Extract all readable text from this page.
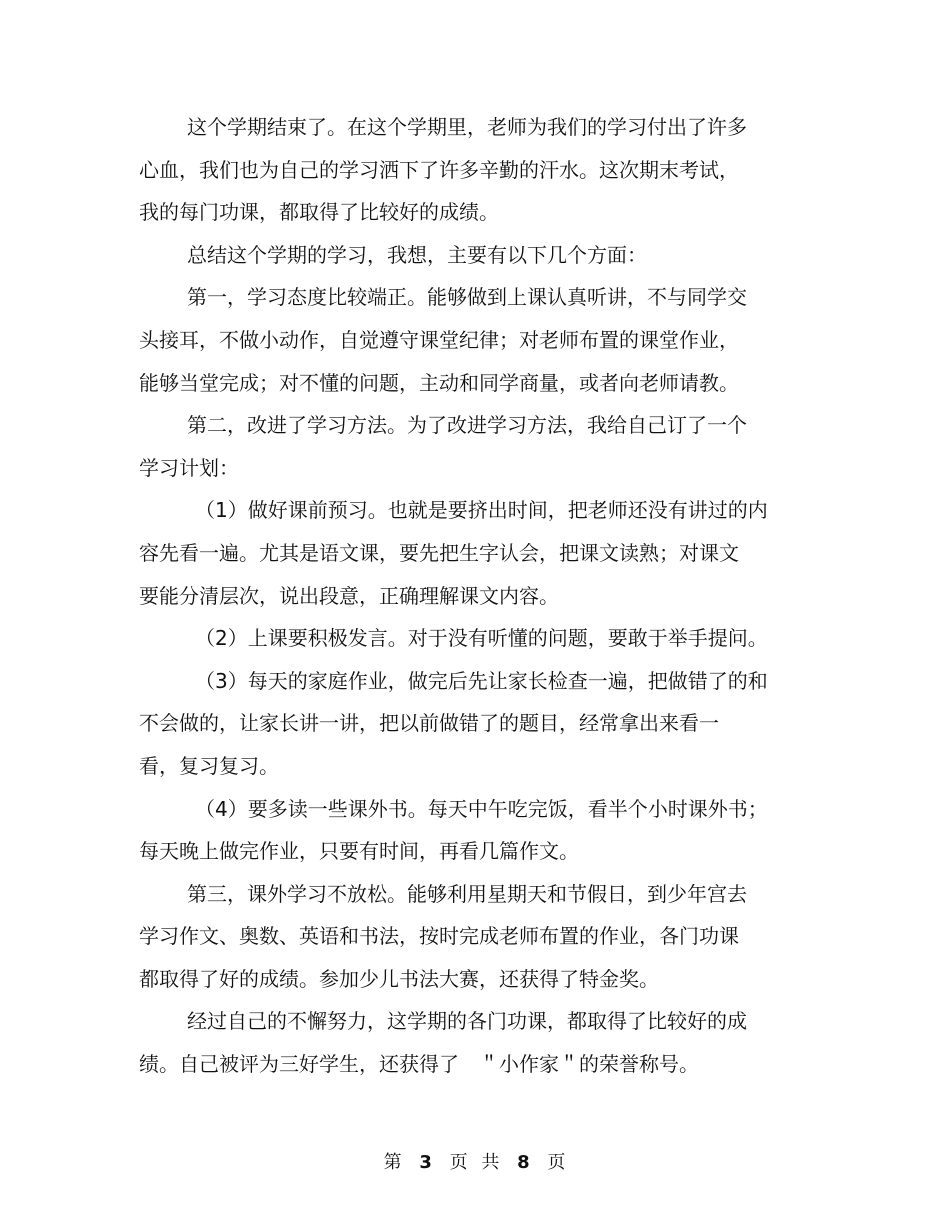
这个学期结束了。在这个学期里，老师为我们的学习付出了许多
心血，我们也为自己的学习洒下了许多辛勤的汗水。这次期末考试，
我的每门功课，都取得了比较好的成绩。
总结这个学期的学习，我想，主要有以下几个方面：
第一，学习态度比较端正。能够做到上课认真听讲，不与同学交
头接耳，不做小动作，自觉遵守课堂纪律；对老师布置的课堂作业，
能够当堂完成；对不懂的问题，主动和同学商量，或者向老师请教。
第二，改进了学习方法。为了改进学习方法，我给自己订了一个
学习计划：
（1）做好课前预习。也就是要挤出时间，把老师还没有讲过的内
容先看一遍。尤其是语文课，要先把生字认会，把课文读熟；对课文
要能分清层次，说出段意，正确理解课文内容。
（2）上课要积极发言。对于没有听懂的问题，要敢于举手提问。
（3）每天的家庭作业，做完后先让家长检查一遍，把做错了的和
不会做的，让家长讲一讲，把以前做错了的题目，经常拿出来看一
看，复习复习。
（4）要多读一些课外书。每天中午吃完饭，看半个小时课外书；
每天晚上做完作业，只要有时间，再看几篇作文。
第三，课外学习不放松。能够利用星期天和节假日，到少年宫去
学习作文、奥数、英语和书法，按时完成老师布置的作业，各门功课
都取得了好的成绩。参加少儿书法大赛，还获得了特金奖。
经过自己的不懈努力，这学期的各门功课，都取得了比较好的成
绩。自己被评为三好学生，还获得了　＂小作家＂的荣誉称号。
第 3 页 共 8 页
